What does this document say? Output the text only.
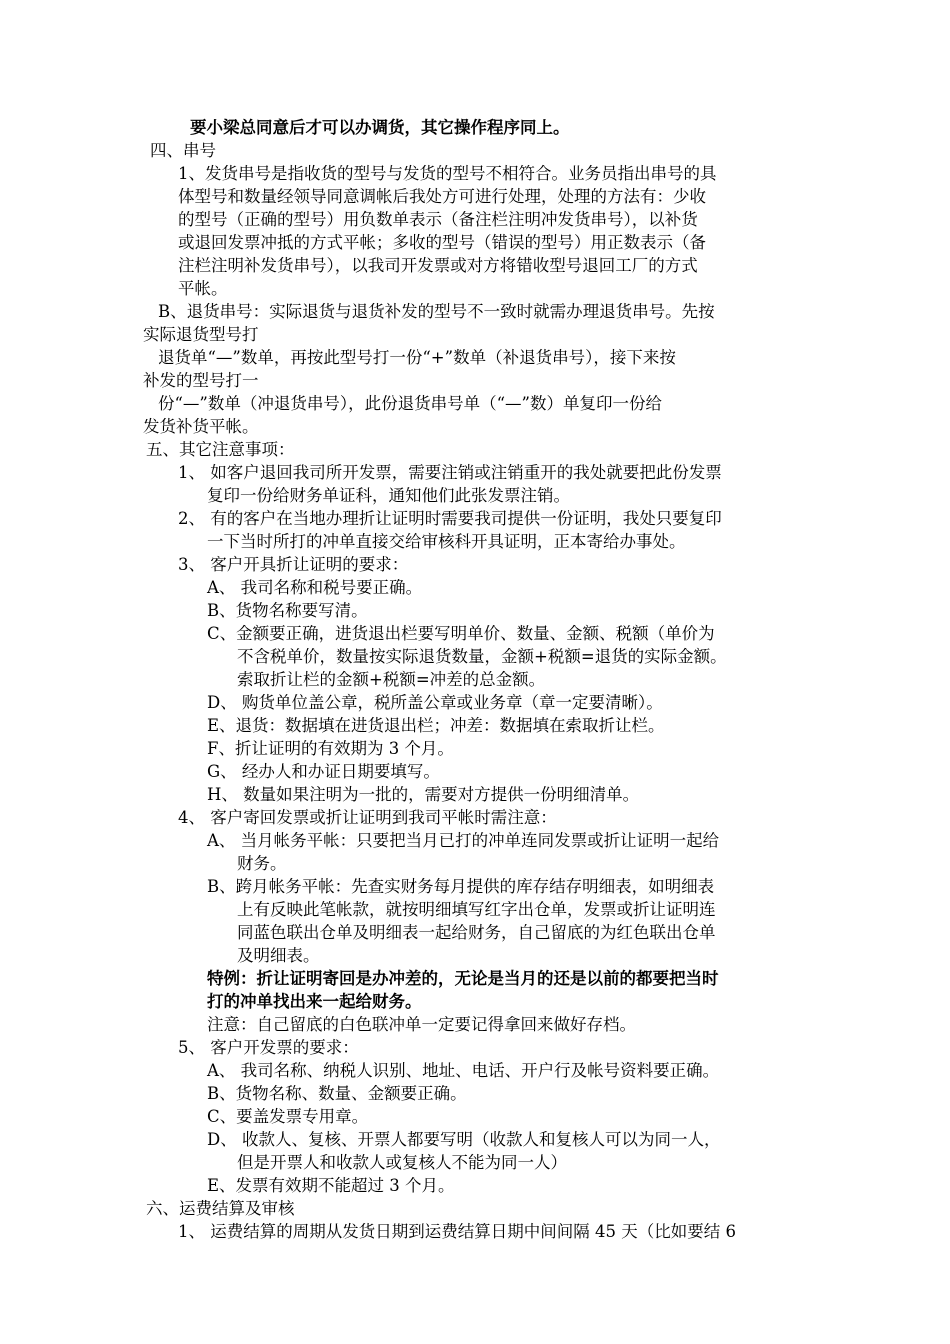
要小梁总同意后才可以办调货，其它操作程序同上。
四、串号
1、发货串号是指收货的型号与发货的型号不相符合。业务员指出串号的具
体型号和数量经领导同意调帐后我处方可进行处理，处理的方法有：少收
的型号（正确的型号）用负数单表示（备注栏注明冲发货串号），以补货
或退回发票冲抵的方式平帐；多收的型号（错误的型号）用正数表示（备
注栏注明补发货串号），以我司开发票或对方将错收型号退回工厂的方式
平帐。
B、退货串号：实际退货与退货补发的型号不一致时就需办理退货串号。先按
实际退货型号打
退货单“—”数单，再按此型号打一份“+”数单（补退货串号），接下来按
补发的型号打一
份“—”数单（冲退货串号），此份退货串号单（“—”数）单复印一份给
发货补货平帐。
五、其它注意事项：
1、 如客户退回我司所开发票，需要注销或注销重开的我处就要把此份发票
复印一份给财务单证科，通知他们此张发票注销。
2、 有的客户在当地办理折让证明时需要我司提供一份证明，我处只要复印
一下当时所打的冲单直接交给审核科开具证明，正本寄给办事处。
3、 客户开具折让证明的要求：
A、 我司名称和税号要正确。
B、货物名称要写清。
C、金额要正确，进货退出栏要写明单价、数量、金额、税额（单价为
不含税单价，数量按实际退货数量，金额+税额=退货的实际金额。
索取折让栏的金额+税额=冲差的总金额。
D、 购货单位盖公章，税所盖公章或业务章（章一定要清晰）。
E、退货：数据填在进货退出栏；冲差：数据填在索取折让栏。
F、折让证明的有效期为 3 个月。
G、 经办人和办证日期要填写。
H、 数量如果注明为一批的，需要对方提供一份明细清单。
4、 客户寄回发票或折让证明到我司平帐时需注意：
A、 当月帐务平帐：只要把当月已打的冲单连同发票或折让证明一起给
财务。
B、跨月帐务平帐：先查实财务每月提供的库存结存明细表，如明细表
上有反映此笔帐款，就按明细填写红字出仓单，发票或折让证明连
同蓝色联出仓单及明细表一起给财务，自己留底的为红色联出仓单
及明细表。
特例：折让证明寄回是办冲差的，无论是当月的还是以前的都要把当时
打的冲单找出来一起给财务。
注意：自己留底的白色联冲单一定要记得拿回来做好存档。
5、 客户开发票的要求：
A、 我司名称、纳税人识别、地址、电话、开户行及帐号资料要正确。
B、货物名称、数量、金额要正确。
C、要盖发票专用章。
D、 收款人、复核、开票人都要写明（收款人和复核人可以为同一人，
但是开票人和收款人或复核人不能为同一人）
E、发票有效期不能超过 3 个月。
六、运费结算及审核
1、 运费结算的周期从发货日期到运费结算日期中间间隔 45 天（比如要结 6
